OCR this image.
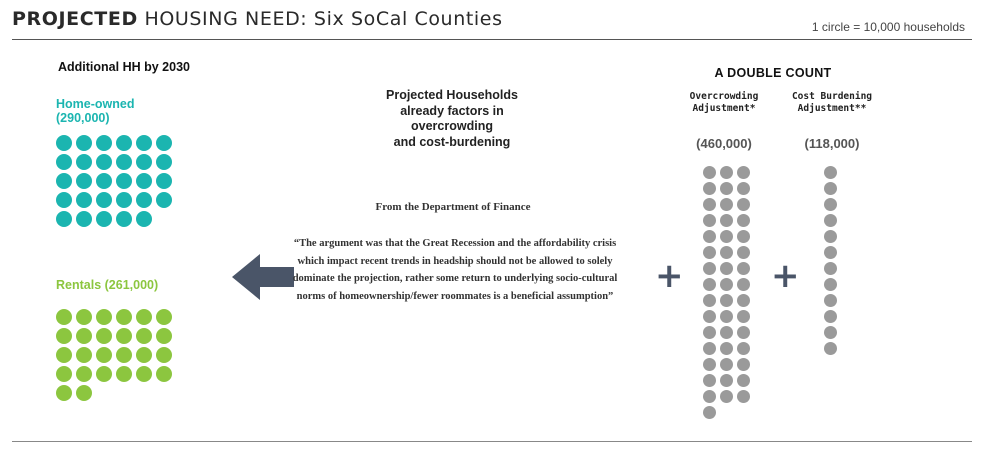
PROJECTED HOUSING NEED: Six SoCal Counties	1 circle = 10,000 households
Additional HH by 2030
Home-owned
(290,000)
Rentals (261,000)
Projected Households
already factors in
overcrowding
and cost-burdening
From the Department of Finance
“The argument was that the Great Recession and the affordability crisis which impact recent trends in headship should not be allowed to solely dominate the projection, rather some return to underlying socio-cultural norms of homeownership/fewer roommates is a beneficial assumption”
A DOUBLE COUNT
Overcrowding
Adjustment*
Cost Burdening
Adjustment**
(460,000)	(118,000)
+	+
